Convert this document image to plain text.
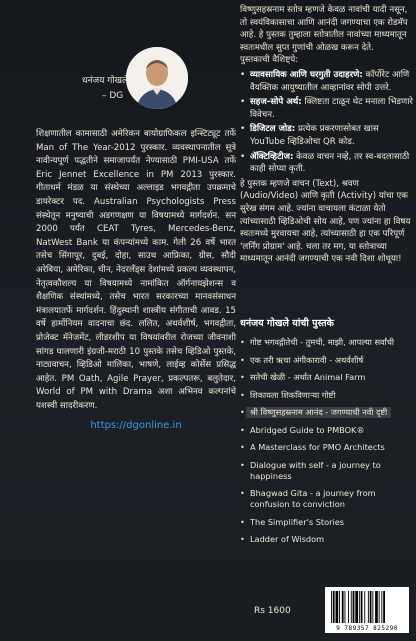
धनंजय गोखले
– DG

शिक्षणातील कामासाठी अमेरिकन बायोग्राफिकल इन्स्टिट्यूट तर्फे Man of The Year-2012 पुरस्कार. व्यवस्थापनातील सूत्रे नावीन्यपूर्ण पद्धतीने समाजापर्यंत नेण्यासाठी PMI-USA तर्फे Eric Jennet Excellence in PM 2013 पुरस्कार. गीताधर्म मंडळ या संस्थेच्या अल्लाइड भगवद्गीता उपक्रमाचे डायरेक्टर पद. Australian Psychologists Press संस्थेतून मनुष्याची अडगणक्षण या विषयामध्ये मार्गदर्शन. सन 2000 पर्यंत CEAT Tyres, Mercedes-Benz, NatWest Bank या कंपन्यांमध्ये काम. गेली 26 वर्षे भारत तसेच सिंगापूर, दुबई, दोहा, साउथ आफ्रिका, ग्रीस, सौदी अरेबिया, अमेरिका, चीन, नेदरलँड्स देशांमध्ये प्रकल्प व्यवस्थापन, नेतृत्वकौशल्य या विषयामध्ये नामांकित ऑर्गनायझेशन्स व शैक्षणिक संस्थांमध्ये, तसेच भारत सरकारच्या मानवसंसाधन मंत्रालयातर्फे मार्गदर्शन. हिंदुस्थानी शास्त्रीय संगीताची आवड. 15 वर्षे हार्मोनियम वादनाचा छंद. ललित, अथर्वशीर्ष, भगवद्गीता, प्रोजेक्ट मॅनेजमेंट, लीडरशीप या विषयांवरील रोजच्या जीवनाशी सांगड घालणारी इंग्रजी-मराठी 10 पुस्तके तसेच व्हिडिओ पुस्तके, नाट्यवाचन, व्हिडिओ मालिका, भाषणे, लाईव्ह कोर्सेस प्रसिद्ध आहेत. PM Oath, Agile Prayer, प्रकल्पतरू, बलुतेदार, World of PM with Drama अशा अभिनव कल्पनांचे यशस्वी सादरीकरण.

https://dgonline.in

विष्णुसहस्रनाम स्तोत्र म्हणजे केवळ नावांची यादी नसून, तो स्वयंविकासाचा आणि आनंदी जगण्याचा एक रोडमॅप आहे. हे पुस्तक तुम्हाला स्तोत्रातील नावांच्या माध्यमातून स्वतःमधील सुप्त गुणांची ओळख करून देते.

पुस्तकाची वैशिष्ट्ये:

• व्यावसायिक आणि घरगुती उदाहरणे: कॉर्पोरेट आणि वैयक्तिक आयुष्यातील आव्हानांवर सोपी उत्तरे.
• सहज-सोपे अर्थ: क्लिष्टता टाळून थेट मनाला भिडणारे विवेचन.
• डिजिटल जोड: प्रत्येक प्रकरणासोबत खास YouTube व्हिडिओचा QR कोड.
• ॲक्टिव्हिटीज: केवळ वाचन नव्हे, तर स्व-बदलासाठी काही सोप्या कृती.

हे पुस्तक म्हणजे वाचन (Text), श्रवण (Audio/Video) आणि कृती (Activity) यांचा एक सुरेख संगम आहे. ज्यांना वाचायला कंटाळा येतो त्यांच्यासाठी व्हिडिओची सोय आहे, पण ज्यांना हा विषय स्वतःमध्ये मुरवायचा आहे, त्यांच्यासाठी हा एक परिपूर्ण 'लर्निंग प्रोग्राम' आहे. चला तर मग, या स्तोत्राच्या माध्यमातून आनंदी जगण्याची एक नवी दिशा शोधूया!

धनंजय गोखले यांची पुस्तके
• गोष्ट भगवद्गीतेची - तुमची, माझी, आपल्या सर्वांची
• एक तरी ऋचा अंगीकारावी - अथर्वशीर्ष
• सतेची खेळी - अर्थात Animal Farm
• शिकायला शिकविणाऱ्या गोष्टी
• श्री विष्णुसहस्रनाम आनंद - जगण्याची नवी दृष्टी
• Abridged Guide to PMBOK®
• A Masterclass for PMO Architects
• Dialogue with self - a journey to happiness
• Bhagwad Gita - a journey from confusion to conviction
• The Simplifier's Stories
• Ladder of Wisdom
Rs 1600
9 789357 825290
